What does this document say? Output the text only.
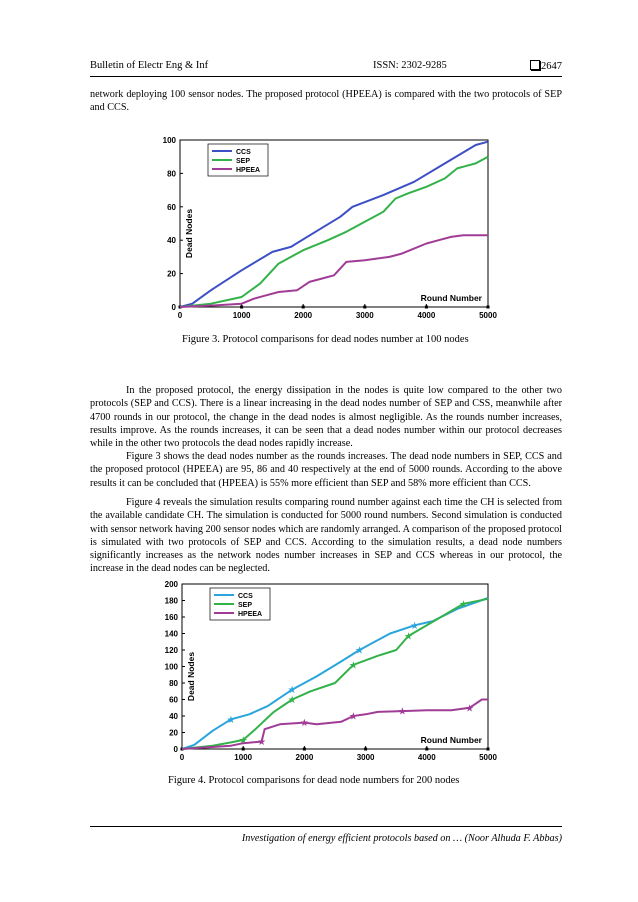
Bulletin of Electr Eng & Inf	ISSN: 2302-9285	2647

network deploying 100 sensor nodes. The proposed protocol (HPEEA) is compared with the two protocols of SEP and CCS.

0
20
40
60
80
100
0	1000	2000	3000	4000	5000
Dead Nodes
Round Number
CCS
SEP
HPEEA

Figure 3. Protocol comparisons for dead nodes number at 100 nodes

In the proposed protocol, the energy dissipation in the nodes is quite low compared to the other two protocols (SEP and CCS). There is a linear increasing in the dead nodes number of SEP and CSS, meanwhile after 4700 rounds in our protocol, the change in the dead nodes is almost negligible. As the rounds number increases, results improve. As the rounds increases, it can be seen that a dead nodes number within our protocol decreases while in the other two protocols the dead nodes rapidly increase.

Figure 3 shows the dead nodes number as the rounds increases. The dead node numbers in SEP, CCS and the proposed protocol (HPEEA) are 95, 86 and 40 respectively at the end of 5000 rounds. According to the above results it can be concluded that (HPEEA) is 55% more efficient than SEP and 58% more efficient than CCS.

Figure 4 reveals the simulation results comparing round number against each time the CH is selected from the available candidate CH. The simulation is conducted for 5000 round numbers. Second simulation is conducted with sensor network having 200 sensor nodes which are randomly arranged. A comparison of the proposed protocol is simulated with two protocols of SEP and CCS. According to the simulation results, a dead node numbers significantly increases as the network nodes number increases in SEP and CCS whereas in our protocol, the increase in the dead nodes can be neglected.

0
20
40
60
80
100
120
140
160
180
200
0	1000	2000	3000	4000	5000
Dead Nodes
Round Number
★
★
★
★
★
★
★
★
★
★
★
★	★	★
CCS
SEP
HPEEA

Figure 4. Protocol comparisons for dead node numbers for 200 nodes

Investigation of energy efficient protocols based on … (Noor Alhuda F. Abbas)
